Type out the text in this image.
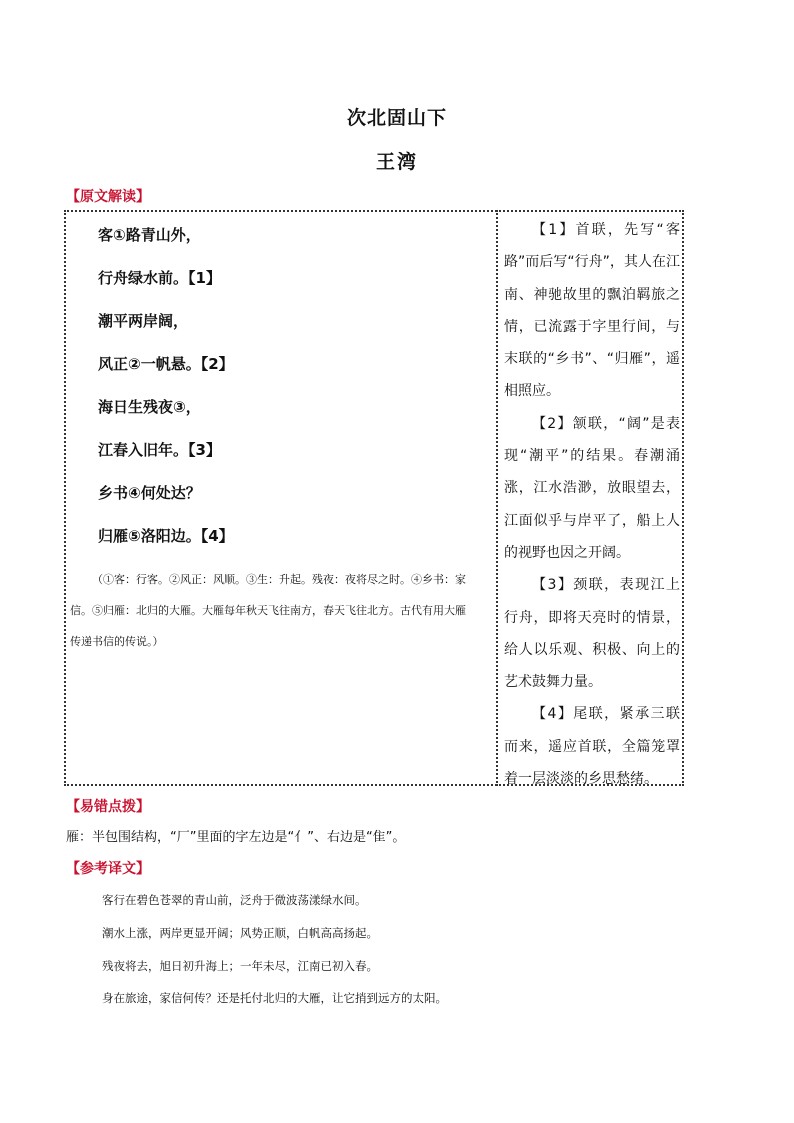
次北固山下
王湾
【原文解读】
客①路青山外，
行舟绿水前。【1】
潮平两岸阔，
风正②一帆悬。【2】
海日生残夜③，
江春入旧年。【3】
乡书④何处达？
归雁⑤洛阳边。【4】
（①客：行客。②风正：风顺。③生：升起。残夜：夜将尽之时。④乡书：家信。⑤归雁：北归的大雁。大雁每年秋天飞往南方，春天飞往北方。古代有用大雁传递书信的传说。）

【1】首联，先写“客路”而后写“行舟”，其人在江南、神驰故里的飘泊羁旅之情，已流露于字里行间，与末联的“乡书”、“归雁”，遥相照应。

【2】颔联，“阔”是表现“潮平”的结果。春潮涌涨，江水浩渺，放眼望去，江面似乎与岸平了，船上人的视野也因之开阔。

【3】颈联，表现江上行舟，即将天亮时的情景，给人以乐观、积极、向上的艺术鼓舞力量。

【4】尾联，紧承三联而来，遥应首联，全篇笼罩着一层淡淡的乡思愁绪。

【易错点拨】
雁：半包围结构，“厂”里面的字左边是“亻”、右边是“隹”。
【参考译文】
客行在碧色苍翠的青山前，泛舟于微波荡漾绿水间。
潮水上涨，两岸更显开阔；风势正顺，白帆高高扬起。
残夜将去，旭日初升海上；一年未尽，江南已初入春。
身在旅途，家信何传？还是托付北归的大雁，让它捎到远方的太阳。
